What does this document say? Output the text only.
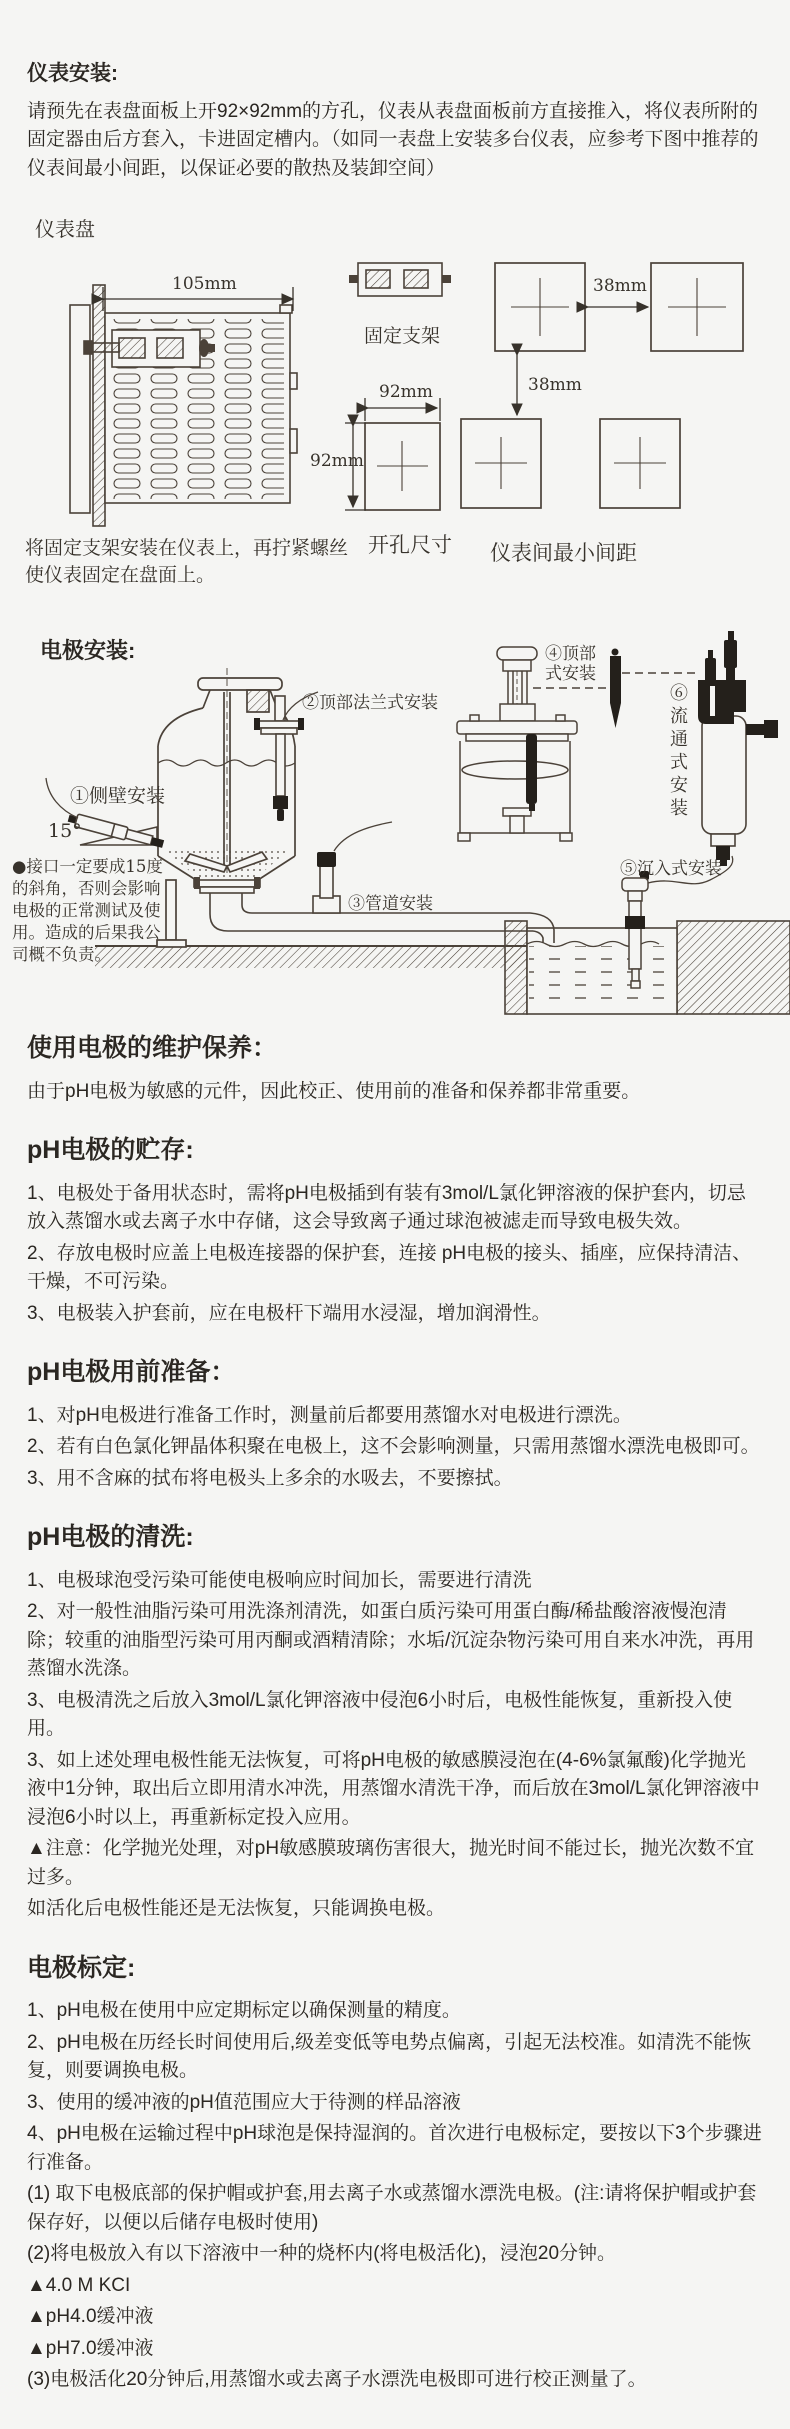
仪表安装:

请预先在表盘面板上开92×92mm的方孔，仪表从表盘面板前方直接推入，将仪表所附的固定器由后方套入，卡进固定槽内。（如同一表盘上安装多台仪表，应参考下图中推荐的仪表间最小间距，以保证必要的散热及装卸空间）

仪表盘
105mm
固定支架
38mm
38mm
92mm
92mm
开孔尺寸 仪表间最小间距
将固定支架安装在仪表上，再拧紧螺丝使仪表固定在盘面上。
电极安装:
①侧壁安装
15°
②顶部法兰式安装
③管道安装
④顶部式安装
⑤沉入式安装
⑥流通式安装
●接口一定要成15度的斜角，否则会影响电极的正常测试及使用。造成的后果我公司概不负责。
使用电极的维护保养：

由于pH电极为敏感的元件，因此校正、使用前的准备和保养都非常重要。

pH电极的贮存:

1、电极处于备用状态时，需将pH电极插到有装有3mol/L氯化钾溶液的保护套内，切忌放入蒸馏水或去离子水中存储，这会导致离子通过球泡被滤走而导致电极失效。

2、存放电极时应盖上电极连接器的保护套，连接 pH电极的接头、插座，应保持清洁、干燥，不可污染。

3、电极装入护套前，应在电极杆下端用水浸湿，增加润滑性。

pH电极用前准备：

1、对pH电极进行准备工作时，测量前后都要用蒸馏水对电极进行漂洗。

2、若有白色氯化钾晶体积聚在电极上，这不会影响测量，只需用蒸馏水漂洗电极即可。

3、用不含麻的拭布将电极头上多余的水吸去，不要擦拭。

pH电极的清洗:

1、电极球泡受污染可能使电极响应时间加长，需要进行清洗

2、对一般性油脂污染可用洗涤剂清洗，如蛋白质污染可用蛋白酶/稀盐酸溶液慢泡清除；较重的油脂型污染可用丙酮或酒精清除；水垢/沉淀杂物污染可用自来水冲洗，再用蒸馏水洗涤。

3、电极清洗之后放入3mol/L氯化钾溶液中侵泡6小时后，电极性能恢复，重新投入使用。

3、如上述处理电极性能无法恢复，可将pH电极的敏感膜浸泡在(4-6%氯氟酸)化学抛光液中1分钟，取出后立即用清水冲洗，用蒸馏水清洗干净，而后放在3mol/L氯化钾溶液中浸泡6小时以上，再重新标定投入应用。

▲注意：化学抛光处理，对pH敏感膜玻璃伤害很大，抛光时间不能过长，抛光次数不宜过多。

如活化后电极性能还是无法恢复，只能调换电极。

电极标定:

1、pH电极在使用中应定期标定以确保测量的精度。

2、pH电极在历经长时间使用后,级差变低等电势点偏离，引起无法校准。如清洗不能恢复，则要调换电极。

3、使用的缓冲液的pH值范围应大于待测的样品溶液

4、pH电极在运输过程中pH球泡是保持湿润的。首次进行电极标定，要按以下3个步骤进行准备。

(1) 取下电极底部的保护帽或护套,用去离子水或蒸馏水漂洗电极。(注:请将保护帽或护套保存好，以便以后储存电极时使用)

(2)将电极放入有以下溶液中一种的烧杯内(将电极活化)，浸泡20分钟。

▲4.0 M KCI

▲pH4.0缓冲液

▲pH7.0缓冲液

(3)电极活化20分钟后,用蒸馏水或去离子水漂洗电极即可进行校正测量了。
